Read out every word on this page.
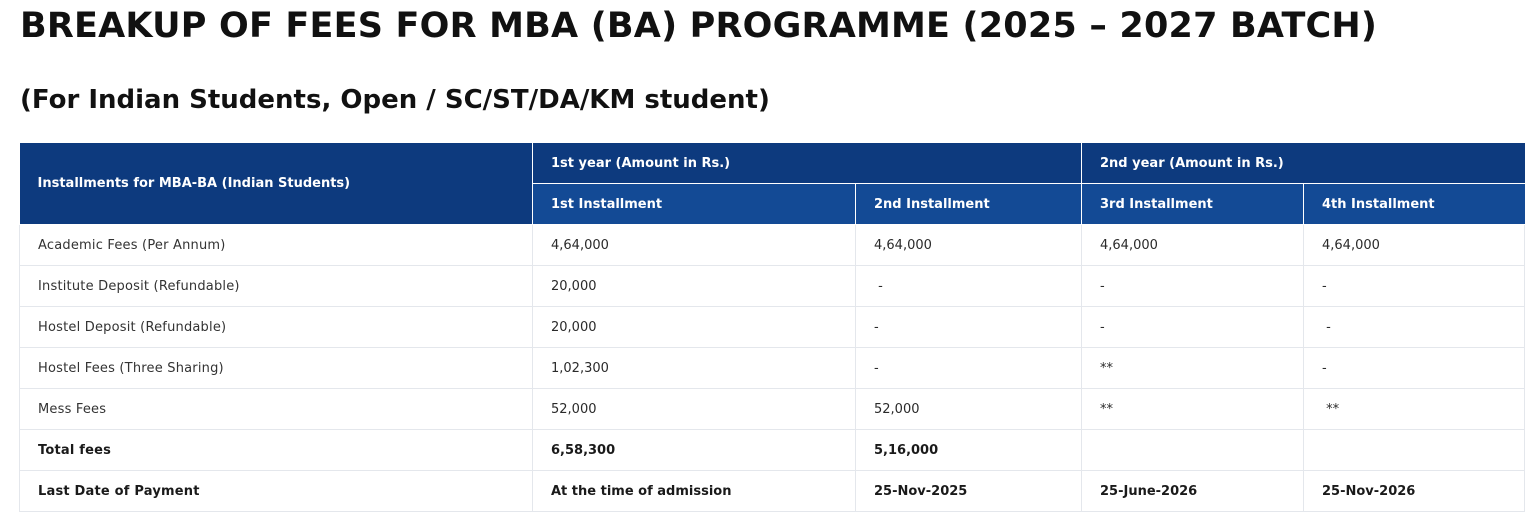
BREAKUP OF FEES FOR MBA (BA) PROGRAMME (2025 – 2027 BATCH)
(For Indian Students, Open / SC/ST/DA/KM student)
Installments for MBA-BA (Indian Students)	1st year (Amount in Rs.)		2nd year (Amount in Rs.)	
	1st Installment	2nd Installment	3rd Installment	4th Installment
Academic Fees (Per Annum)	4,64,000	4,64,000	4,64,000	4,64,000
Institute Deposit (Refundable)	20,000	-	-	-
Hostel Deposit (Refundable)	20,000	-	-	-
Hostel Fees (Three Sharing)	1,02,300	-	**	-
Mess Fees	52,000	52,000	**	**
Total fees	6,58,300	5,16,000		
Last Date of Payment	At the time of admission	25-Nov-2025	25-June-2026	25-Nov-2026
